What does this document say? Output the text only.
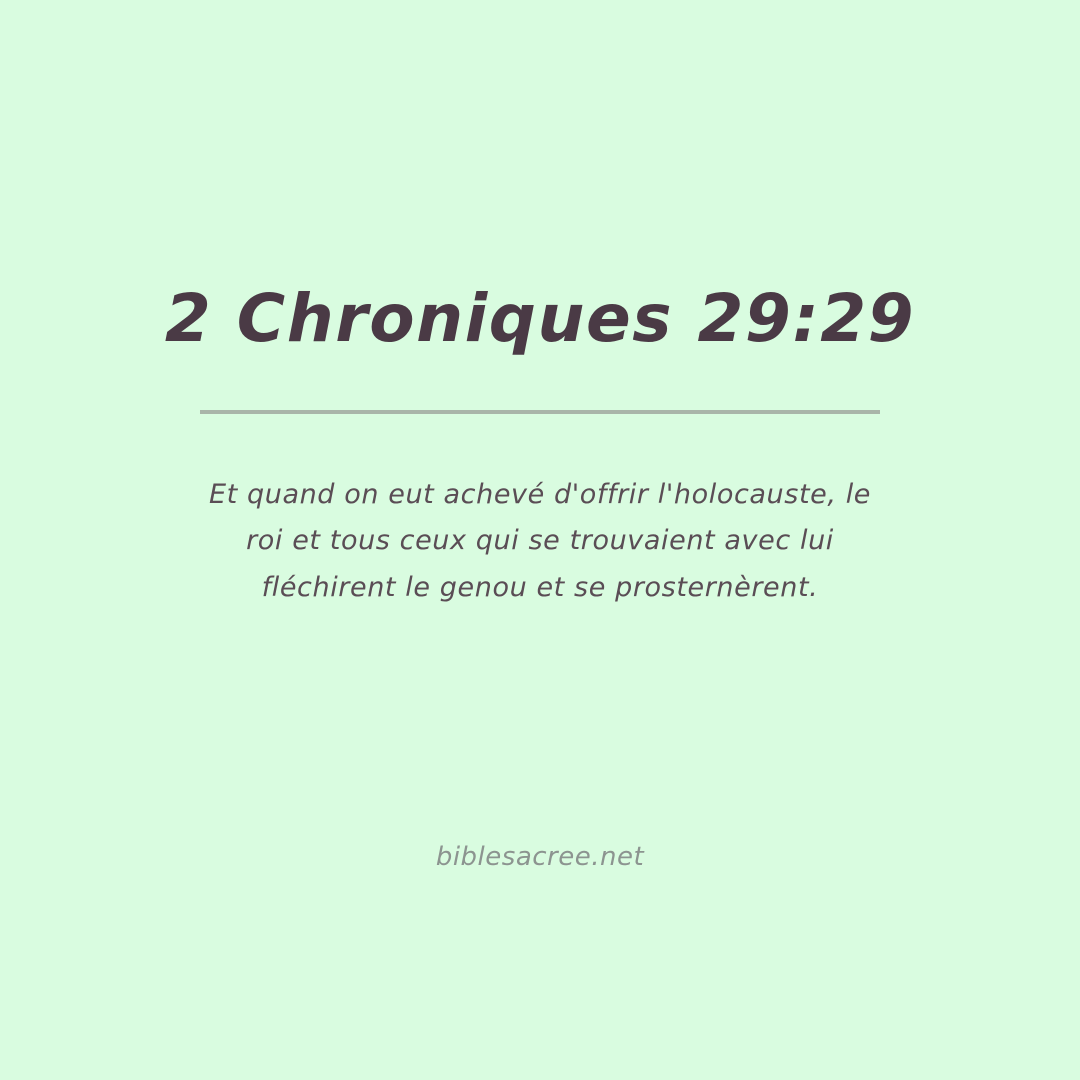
2 Chroniques 29:29
Et quand on eut achevé d'offrir l'holocauste, le roi et tous ceux qui se trouvaient avec lui fléchirent le genou et se prosternèrent.
biblesacree.net
